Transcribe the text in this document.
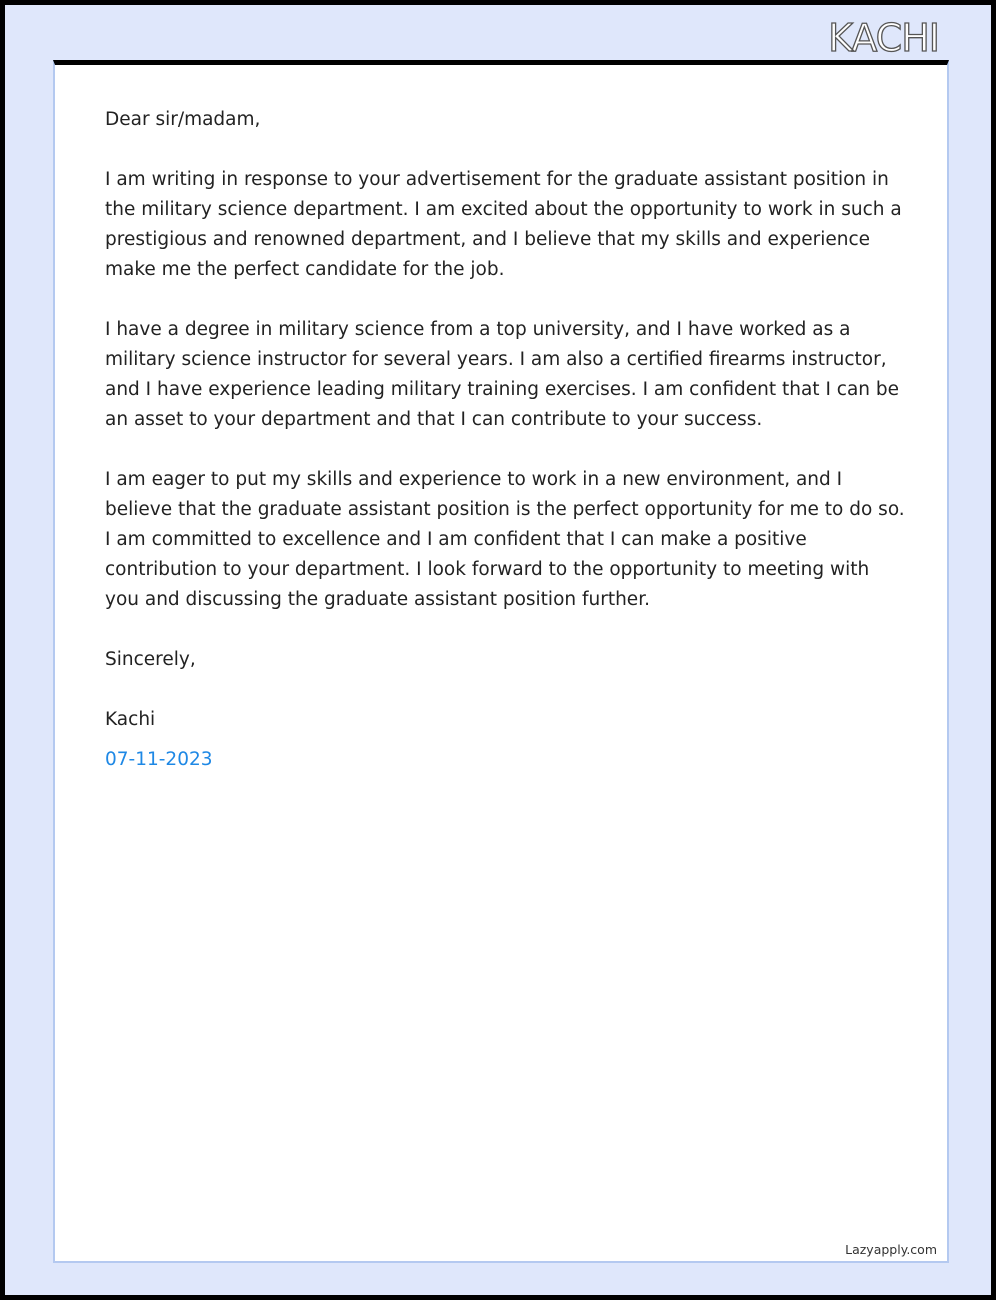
KACHI

Dear sir/madam,

I am writing in response to your advertisement for the graduate assistant position in the military science department. I am excited about the opportunity to work in such a prestigious and renowned department, and I believe that my skills and experience make me the perfect candidate for the job.

I have a degree in military science from a top university, and I have worked as a military science instructor for several years. I am also a certified firearms instructor, and I have experience leading military training exercises. I am confident that I can be an asset to your department and that I can contribute to your success.

I am eager to put my skills and experience to work in a new environment, and I believe that the graduate assistant position is the perfect opportunity for me to do so. I am committed to excellence and I am confident that I can make a positive contribution to your department. I look forward to the opportunity to meeting with you and discussing the graduate assistant position further.

Sincerely,

Kachi

07-11-2023

Lazyapply.com
